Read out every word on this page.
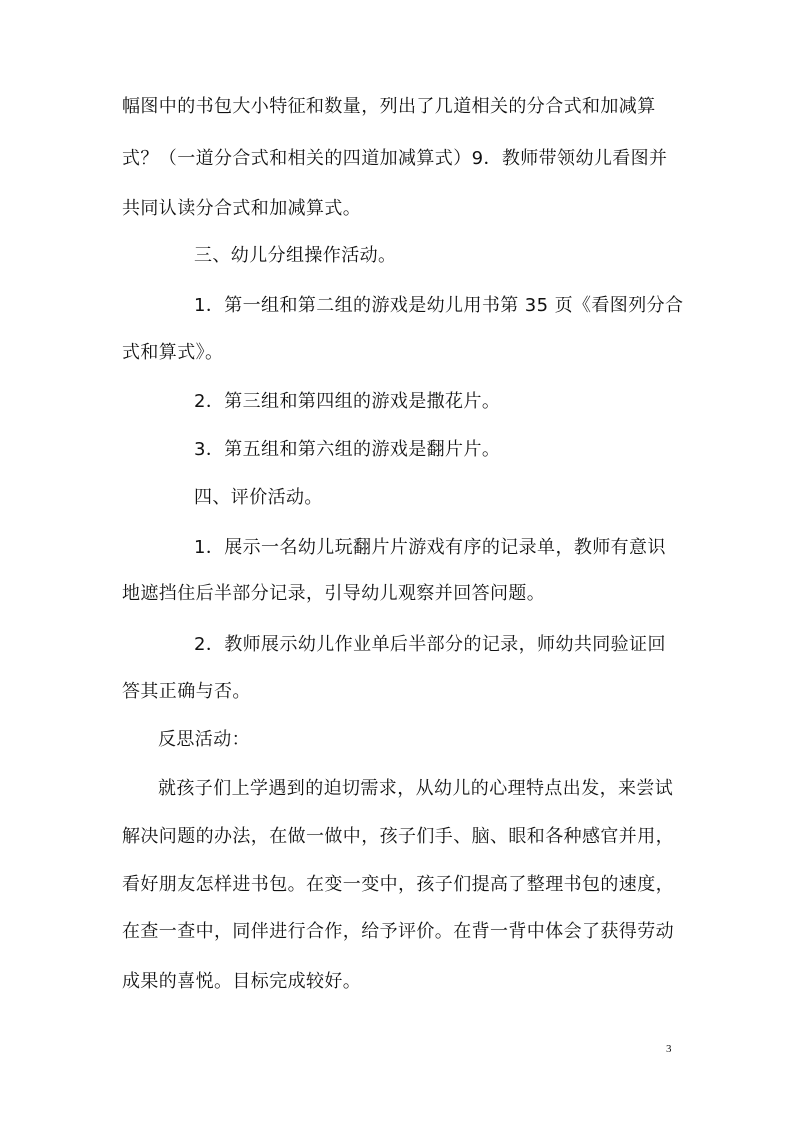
幅图中的书包大小特征和数量，列出了几道相关的分合式和加减算
式？（一道分合式和相关的四道加减算式）9．教师带领幼儿看图并
共同认读分合式和加减算式。
三、幼儿分组操作活动。
1．第一组和第二组的游戏是幼儿用书第 35 页《看图列分合
式和算式》。
2．第三组和第四组的游戏是撒花片。
3．第五组和第六组的游戏是翻片片。
四、评价活动。
1．展示一名幼儿玩翻片片游戏有序的记录单，教师有意识
地遮挡住后半部分记录，引导幼儿观察并回答问题。
2．教师展示幼儿作业单后半部分的记录，师幼共同验证回
答其正确与否。
反思活动：
就孩子们上学遇到的迫切需求，从幼儿的心理特点出发，来尝试
解决问题的办法，在做一做中，孩子们手、脑、眼和各种感官并用，
看好朋友怎样进书包。在变一变中，孩子们提高了整理书包的速度，
在查一查中，同伴进行合作，给予评价。在背一背中体会了获得劳动
成果的喜悦。目标完成较好。
3
